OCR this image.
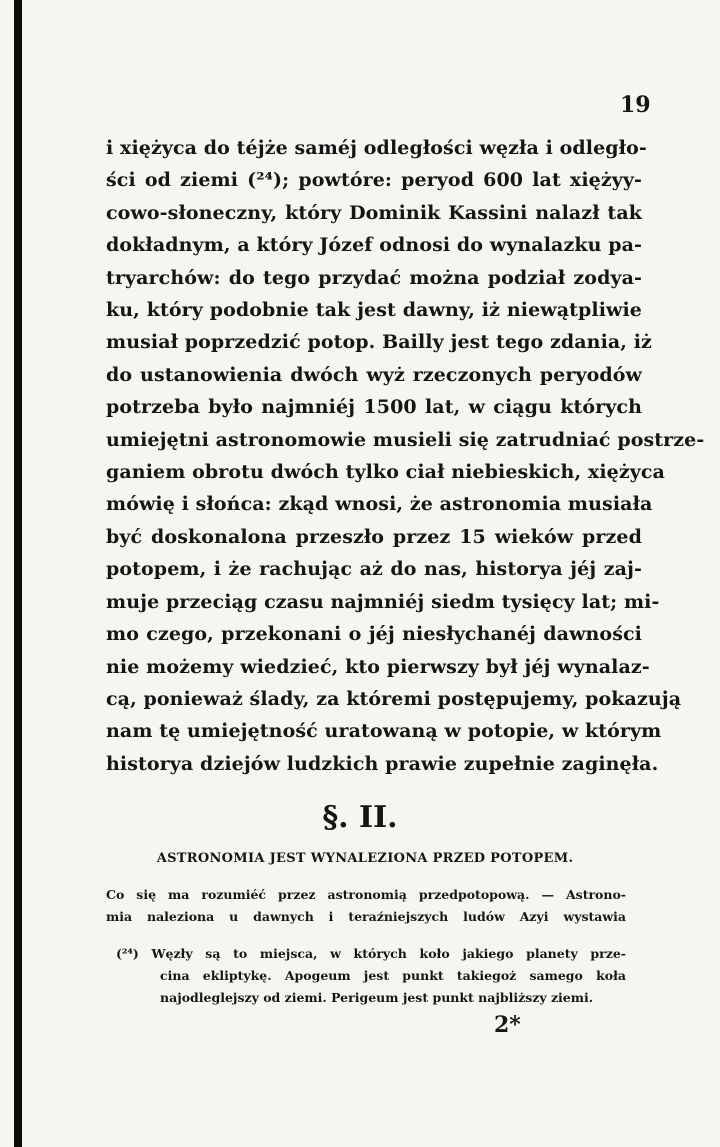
19
i xiężyca do téjże saméj odległości węzła i odległo-
ści od ziemi (²⁴); powtóre: peryod 600 lat xiężyy-
cowo-słoneczny, który Dominik Kassini nalazł tak
dokładnym, a który Józef odnosi do wynalazku pa-
tryarchów: do tego przydać można podział zodya-
ku, który podobnie tak jest dawny, iż niewątpliwie
musiał poprzedzić potop. Bailly jest tego zdania, iż
do ustanowienia dwóch wyż rzeczonych peryodów
potrzeba było najmniéj 1500 lat, w ciągu których
umiejętni astronomowie musieli się zatrudniać postrze-
ganiem obrotu dwóch tylko ciał niebieskich, xiężyca
mówię i słońca: zkąd wnosi, że astronomia musiała
być doskonalona przeszło przez 15 wieków przed
potopem, i że rachując aż do nas, historya jéj zaj-
muje przeciąg czasu najmniéj siedm tysięcy lat; mi-
mo czego, przekonani o jéj niesłychanéj dawności
nie możemy wiedzieć, kto pierwszy był jéj wynalaz-
cą, ponieważ ślady, za któremi postępujemy, pokazują
nam tę umiejętność uratowaną w potopie, w którym
historya dziejów ludzkich prawie zupełnie zaginęła.
§. II.
ASTRONOMIA JEST WYNALEZIONA PRZED POTOPEM.
Co się ma rozumiéć przez astronomią przedpotopową. — Astrono-
mia naleziona u dawnych i teraźniejszych ludów Azyi wystawia
(²⁴) Węzły są to miejsca, w których koło jakiego planety prze-
cina ekliptykę. Apogeum jest punkt takiegoż samego koła
najodleglejszy od ziemi. Perigeum jest punkt najbliższy ziemi.
2*
